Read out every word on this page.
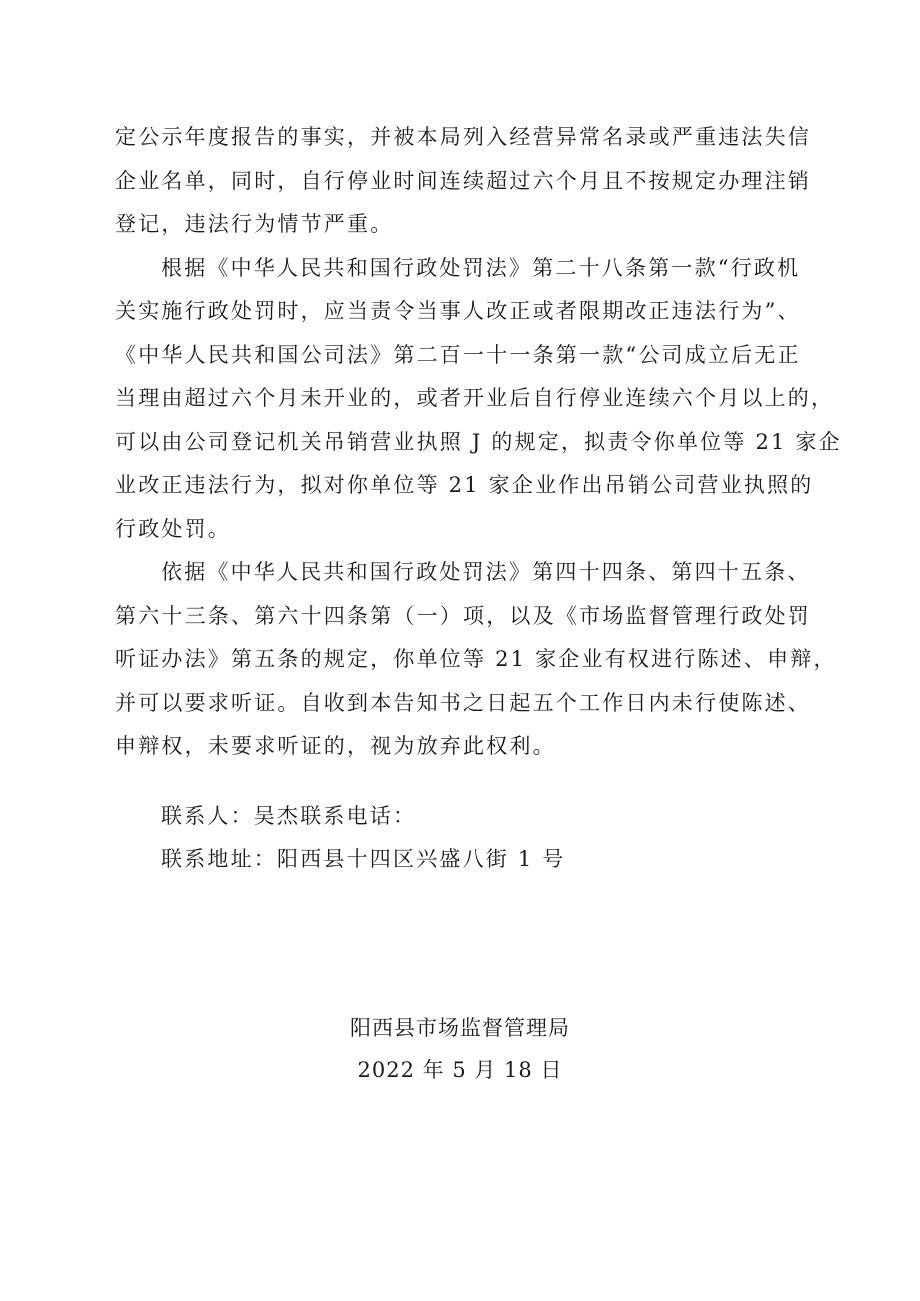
定公示年度报告的事实，并被本局列入经营异常名录或严重违法失信
企业名单，同时，自行停业时间连续超过六个月且不按规定办理注销
登记，违法行为情节严重。
根据《中华人民共和国行政处罚法》第二十八条第一款“行政机
关实施行政处罚时，应当责令当事人改正或者限期改正违法行为”、
《中华人民共和国公司法》第二百一十一条第一款“公司成立后无正
当理由超过六个月未开业的，或者开业后自行停业连续六个月以上的，
可以由公司登记机关吊销营业执照 J 的规定，拟责令你单位等 21 家企
业改正违法行为，拟对你单位等 21 家企业作出吊销公司营业执照的
行政处罚。
依据《中华人民共和国行政处罚法》第四十四条、第四十五条、
第六十三条、第六十四条第（一）项，以及《市场监督管理行政处罚
听证办法》第五条的规定，你单位等 21 家企业有权进行陈述、申辩，
并可以要求听证。自收到本告知书之日起五个工作日内未行使陈述、
申辩权，未要求听证的，视为放弃此权利。
联系人：吴杰联系电话：
联系地址：阳西县十四区兴盛八街 1 号
阳西县市场监督管理局
2022 年 5 月 18 日
